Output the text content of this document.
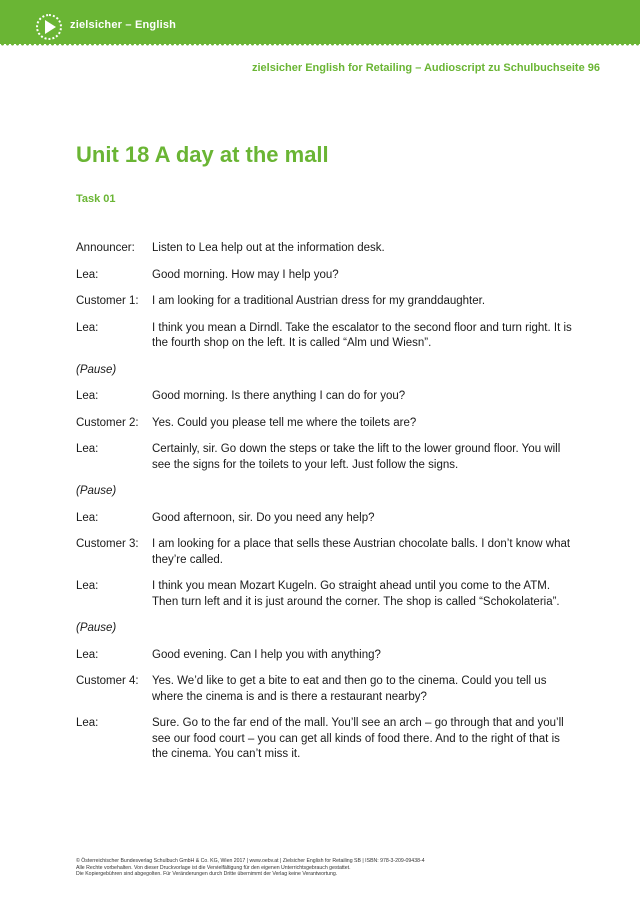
zielsicher – English
zielsicher English for Retailing – Audioscript zu Schulbuchseite 96
Unit 18 A day at the mall
Task 01
Announcer:	Listen to Lea help out at the information desk.
Lea:	Good morning. How may I help you?
Customer 1:	I am looking for a traditional Austrian dress for my granddaughter.
Lea:	I think you mean a Dirndl. Take the escalator to the second floor and turn right. It is the fourth shop on the left. It is called “Alm und Wiesn”.
(Pause)
Lea:	Good morning. Is there anything I can do for you?
Customer 2:	Yes. Could you please tell me where the toilets are?
Lea:	Certainly, sir. Go down the steps or take the lift to the lower ground floor. You will see the signs for the toilets to your left. Just follow the signs.
(Pause)
Lea:	Good afternoon, sir. Do you need any help?
Customer 3:	I am looking for a place that sells these Austrian chocolate balls. I don’t know what they’re called.
Lea:	I think you mean Mozart Kugeln. Go straight ahead until you come to the ATM. Then turn left and it is just around the corner. The shop is called “Schokolateria”.
(Pause)
Lea:	Good evening. Can I help you with anything?
Customer 4:	Yes. We’d like to get a bite to eat and then go to the cinema. Could you tell us where the cinema is and is there a restaurant nearby?
Lea:	Sure. Go to the far end of the mall. You’ll see an arch – go through that and you’ll see our food court – you can get all kinds of food there. And to the right of that is the cinema. You can’t miss it.
© Österreichischer Bundesverlag Schulbuch GmbH & Co. KG, Wien 2017 | www.oebv.at | Zielsicher English for Retailing SB | ISBN: 978-3-209-09438-4
Alle Rechte vorbehalten. Von dieser Druckvorlage ist die Vervielfältigung für den eigenen Unterrichtsgebrauch gestattet.
Die Kopiergebühren sind abgegolten. Für Veränderungen durch Dritte übernimmt der Verlag keine Verantwortung.
